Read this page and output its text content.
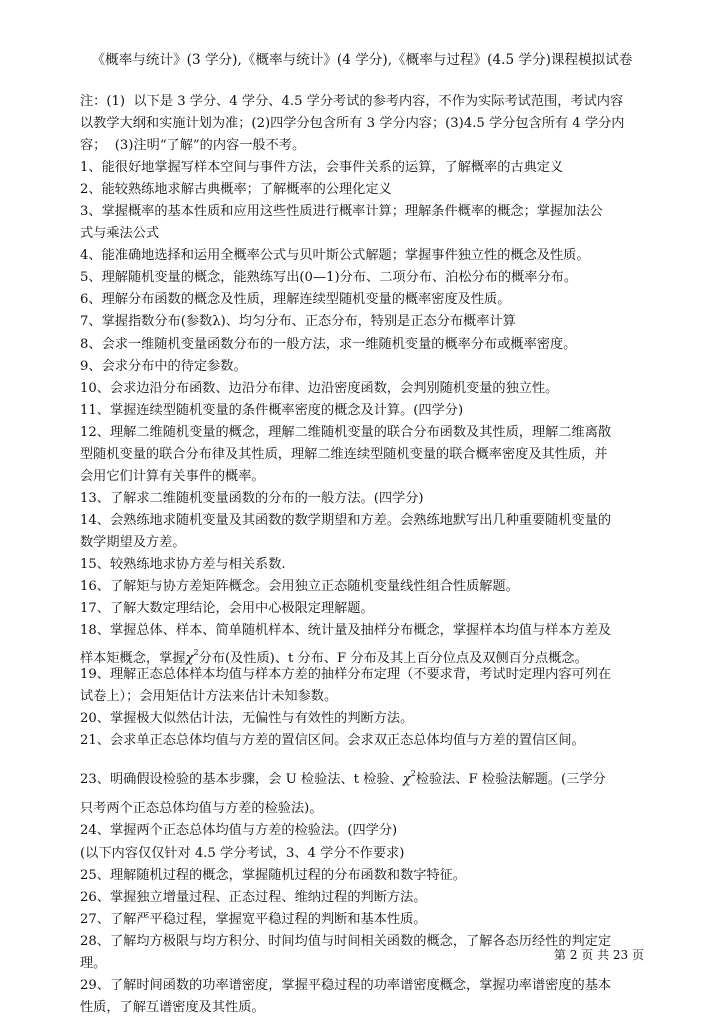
《概率与统计》(3 学分),《概率与统计》(4 学分),《概率与过程》(4.5 学分)课程模拟试卷
注：(1)  以下是 3 学分、4 学分、4.5 学分考试的参考内容，不作为实际考试范围，考试内容
以教学大纲和实施计划为准；(2)四学分包含所有 3 学分内容；(3)4.5 学分包含所有 4 学分内
容；  (3)注明“了解”的内容一般不考。
1、能很好地掌握写样本空间与事件方法，会事件关系的运算，了解概率的古典定义
2、能较熟练地求解古典概率；了解概率的公理化定义
3、掌握概率的基本性质和应用这些性质进行概率计算；理解条件概率的概念；掌握加法公
式与乘法公式
4、能准确地选择和运用全概率公式与贝叶斯公式解题；掌握事件独立性的概念及性质。
5、理解随机变量的概念，能熟练写出(0—1)分布、二项分布、泊松分布的概率分布。
6、理解分布函数的概念及性质，理解连续型随机变量的概率密度及性质。
7、掌握指数分布(参数λ)、均匀分布、正态分布，特别是正态分布概率计算
8、会求一维随机变量函数分布的一般方法，求一维随机变量的概率分布或概率密度。
9、会求分布中的待定参数。
10、会求边沿分布函数、边沿分布律、边沿密度函数，会判别随机变量的独立性。
11、掌握连续型随机变量的条件概率密度的概念及计算。(四学分)
12、理解二维随机变量的概念，理解二维随机变量的联合分布函数及其性质，理解二维离散
型随机变量的联合分布律及其性质，理解二维连续型随机变量的联合概率密度及其性质，并
会用它们计算有关事件的概率。
13、了解求二维随机变量函数的分布的一般方法。(四学分)
14、会熟练地求随机变量及其函数的数学期望和方差。会熟练地默写出几种重要随机变量的
数学期望及方差。
15、较熟练地求协方差与相关系数.
16、了解矩与协方差矩阵概念。会用独立正态随机变量线性组合性质解题。
17、了解大数定理结论，会用中心极限定理解题。
18、掌握总体、样本、简单随机样本、统计量及抽样分布概念，掌握样本均值与样本方差及
样本矩概念，掌握$\chi^2$分布(及性质)、t 分布、F 分布及其上百分位点及双侧百分点概念。
19、理解正态总体样本均值与样本方差的抽样分布定理（不要求背，考试时定理内容可列在
试卷上）；会用矩估计方法来估计未知参数。
20、掌握极大似然估计法，无偏性与有效性的判断方法。
21、会求单正态总体均值与方差的置信区间。会求双正态总体均值与方差的置信区间。
23、明确假设检验的基本步骤，会 U 检验法、t 检验、$\chi^2$检验法、F 检验法解题。(三学分
只考两个正态总体均值与方差的检验法)。
24、掌握两个正态总体均值与方差的检验法。(四学分)
(以下内容仅仅针对 4.5 学分考试，3、4 学分不作要求)
25、理解随机过程的概念，掌握随机过程的分布函数和数字特征。
26、掌握独立增量过程、正态过程、维纳过程的判断方法。
27、了解严平稳过程，掌握宽平稳过程的判断和基本性质。
28、了解均方极限与均方积分、时间均值与时间相关函数的概念，了解各态历经性的判定定
理。
29、了解时间函数的功率谱密度，掌握平稳过程的功率谱密度概念，掌握功率谱密度的基本
性质，了解互谱密度及其性质。
第 2 页 共 23 页
